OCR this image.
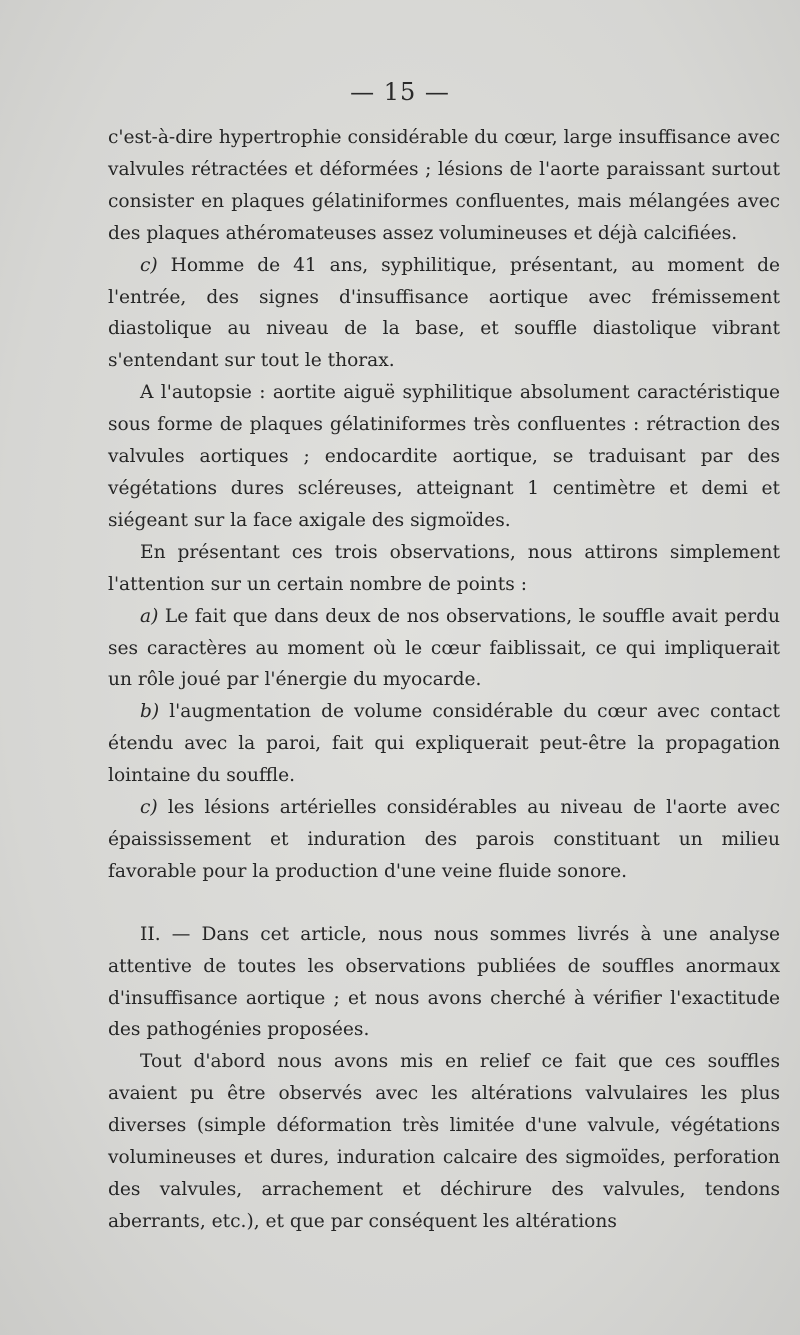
— 15 —

c'est-à-dire hypertrophie considérable du cœur, large insuffisance avec valvules rétractées et déformées ; lésions de l'aorte paraissant surtout consister en plaques gélatiniformes confluentes, mais mélangées avec des plaques athéromateuses assez volumineuses et déjà calcifiées.

c) Homme de 41 ans, syphilitique, présentant, au moment de l'entrée, des signes d'insuffisance aortique avec frémissement diastolique au niveau de la base, et souffle diastolique vibrant s'entendant sur tout le thorax.

A l'autopsie : aortite aiguë syphilitique absolument caractéristique sous forme de plaques gélatiniformes très confluentes : rétraction des valvules aortiques ; endocardite aortique, se traduisant par des végétations dures scléreuses, atteignant 1 centimètre et demi et siégeant sur la face axigale des sigmoïdes.

En présentant ces trois observations, nous attirons simplement l'attention sur un certain nombre de points :

a) Le fait que dans deux de nos observations, le souffle avait perdu ses caractères au moment où le cœur faiblissait, ce qui impliquerait un rôle joué par l'énergie du myocarde.

b) l'augmentation de volume considérable du cœur avec contact étendu avec la paroi, fait qui expliquerait peut-être la propagation lointaine du souffle.

c) les lésions artérielles considérables au niveau de l'aorte avec épaississement et induration des parois constituant un milieu favorable pour la production d'une veine fluide sonore.

II. — Dans cet article, nous nous sommes livrés à une analyse attentive de toutes les observations publiées de souffles anormaux d'insuffisance aortique ; et nous avons cherché à vérifier l'exactitude des pathogénies proposées.

Tout d'abord nous avons mis en relief ce fait que ces souffles avaient pu être observés avec les altérations valvulaires les plus diverses (simple déformation très limitée d'une valvule, végétations volumineuses et dures, induration calcaire des sigmoïdes, perforation des valvules, arrachement et déchirure des valvules, tendons aberrants, etc.), et que par conséquent les altérations
